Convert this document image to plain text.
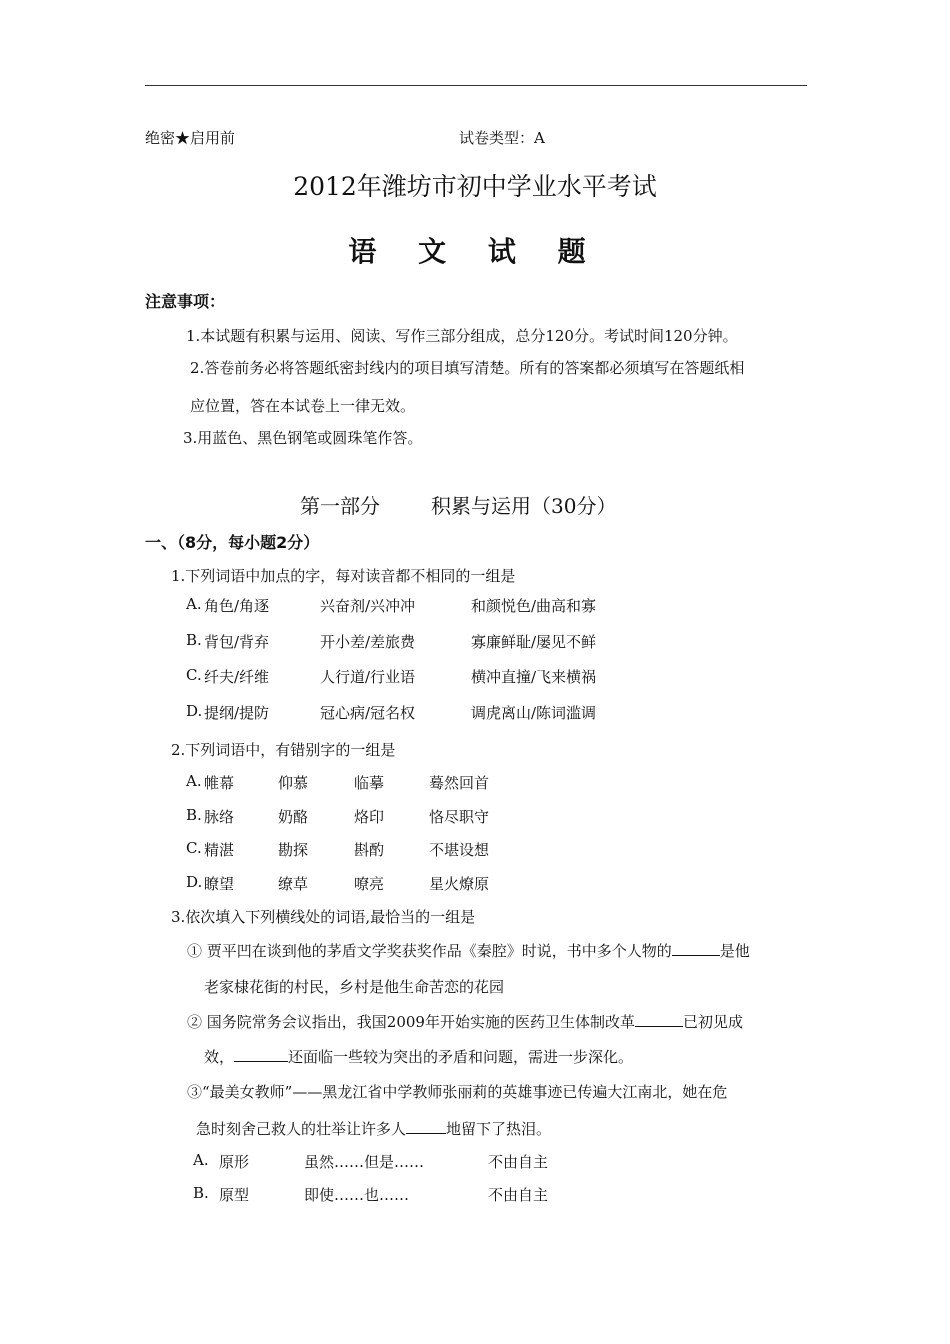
绝密★启用前	试卷类型：A
2012年潍坊市初中学业水平考试
语 文 试 题
注意事项：
1.本试题有积累与运用、阅读、写作三部分组成，总分120分。考试时间120分钟。
2.答卷前务必将答题纸密封线内的项目填写清楚。所有的答案都必须填写在答题纸相
应位置，答在本试卷上一律无效。
3.用蓝色、黑色钢笔或圆珠笔作答。
第一部分	积累与运用（30分）
一、（8分，每小题2分）
1.下列词语中加点的字，每对读音都不相同的一组是
A. 角色/角逐	兴奋剂/兴冲冲	和颜悦色/曲高和寡
B. 背包/背弃	开小差/差旅费	寡廉鲜耻/屡见不鲜
C. 纤夫/纤维	人行道/行业语	横冲直撞/飞来横祸
D. 提纲/提防	冠心病/冠名权	调虎离山/陈词滥调
2.下列词语中，有错别字的一组是
A. 帷幕	仰慕	临摹	蓦然回首
B. 脉络	奶酪	烙印	恪尽职守
C. 精湛	勘探	斟酌	不堪设想
D. 瞭望	缭草	嘹亮	星火燎原
3.依次填入下列横线处的词语,最恰当的一组是
① 贾平凹在谈到他的茅盾文学奖获奖作品《秦腔》时说，书中多个人物的	是他
老家棣花街的村民，乡村是他生命苦恋的花园
② 国务院常务会议指出，我国2009年开始实施的医药卫生体制改革	已初见成
效，	还面临一些较为突出的矛盾和问题，需进一步深化。
③“最美女教师”——黑龙江省中学教师张丽莉的英雄事迹已传遍大江南北，她在危
急时刻舍己救人的壮举让许多人	地留下了热泪。
A. 原形	虽然……但是……	不由自主
B. 原型	即使……也……	不由自主
